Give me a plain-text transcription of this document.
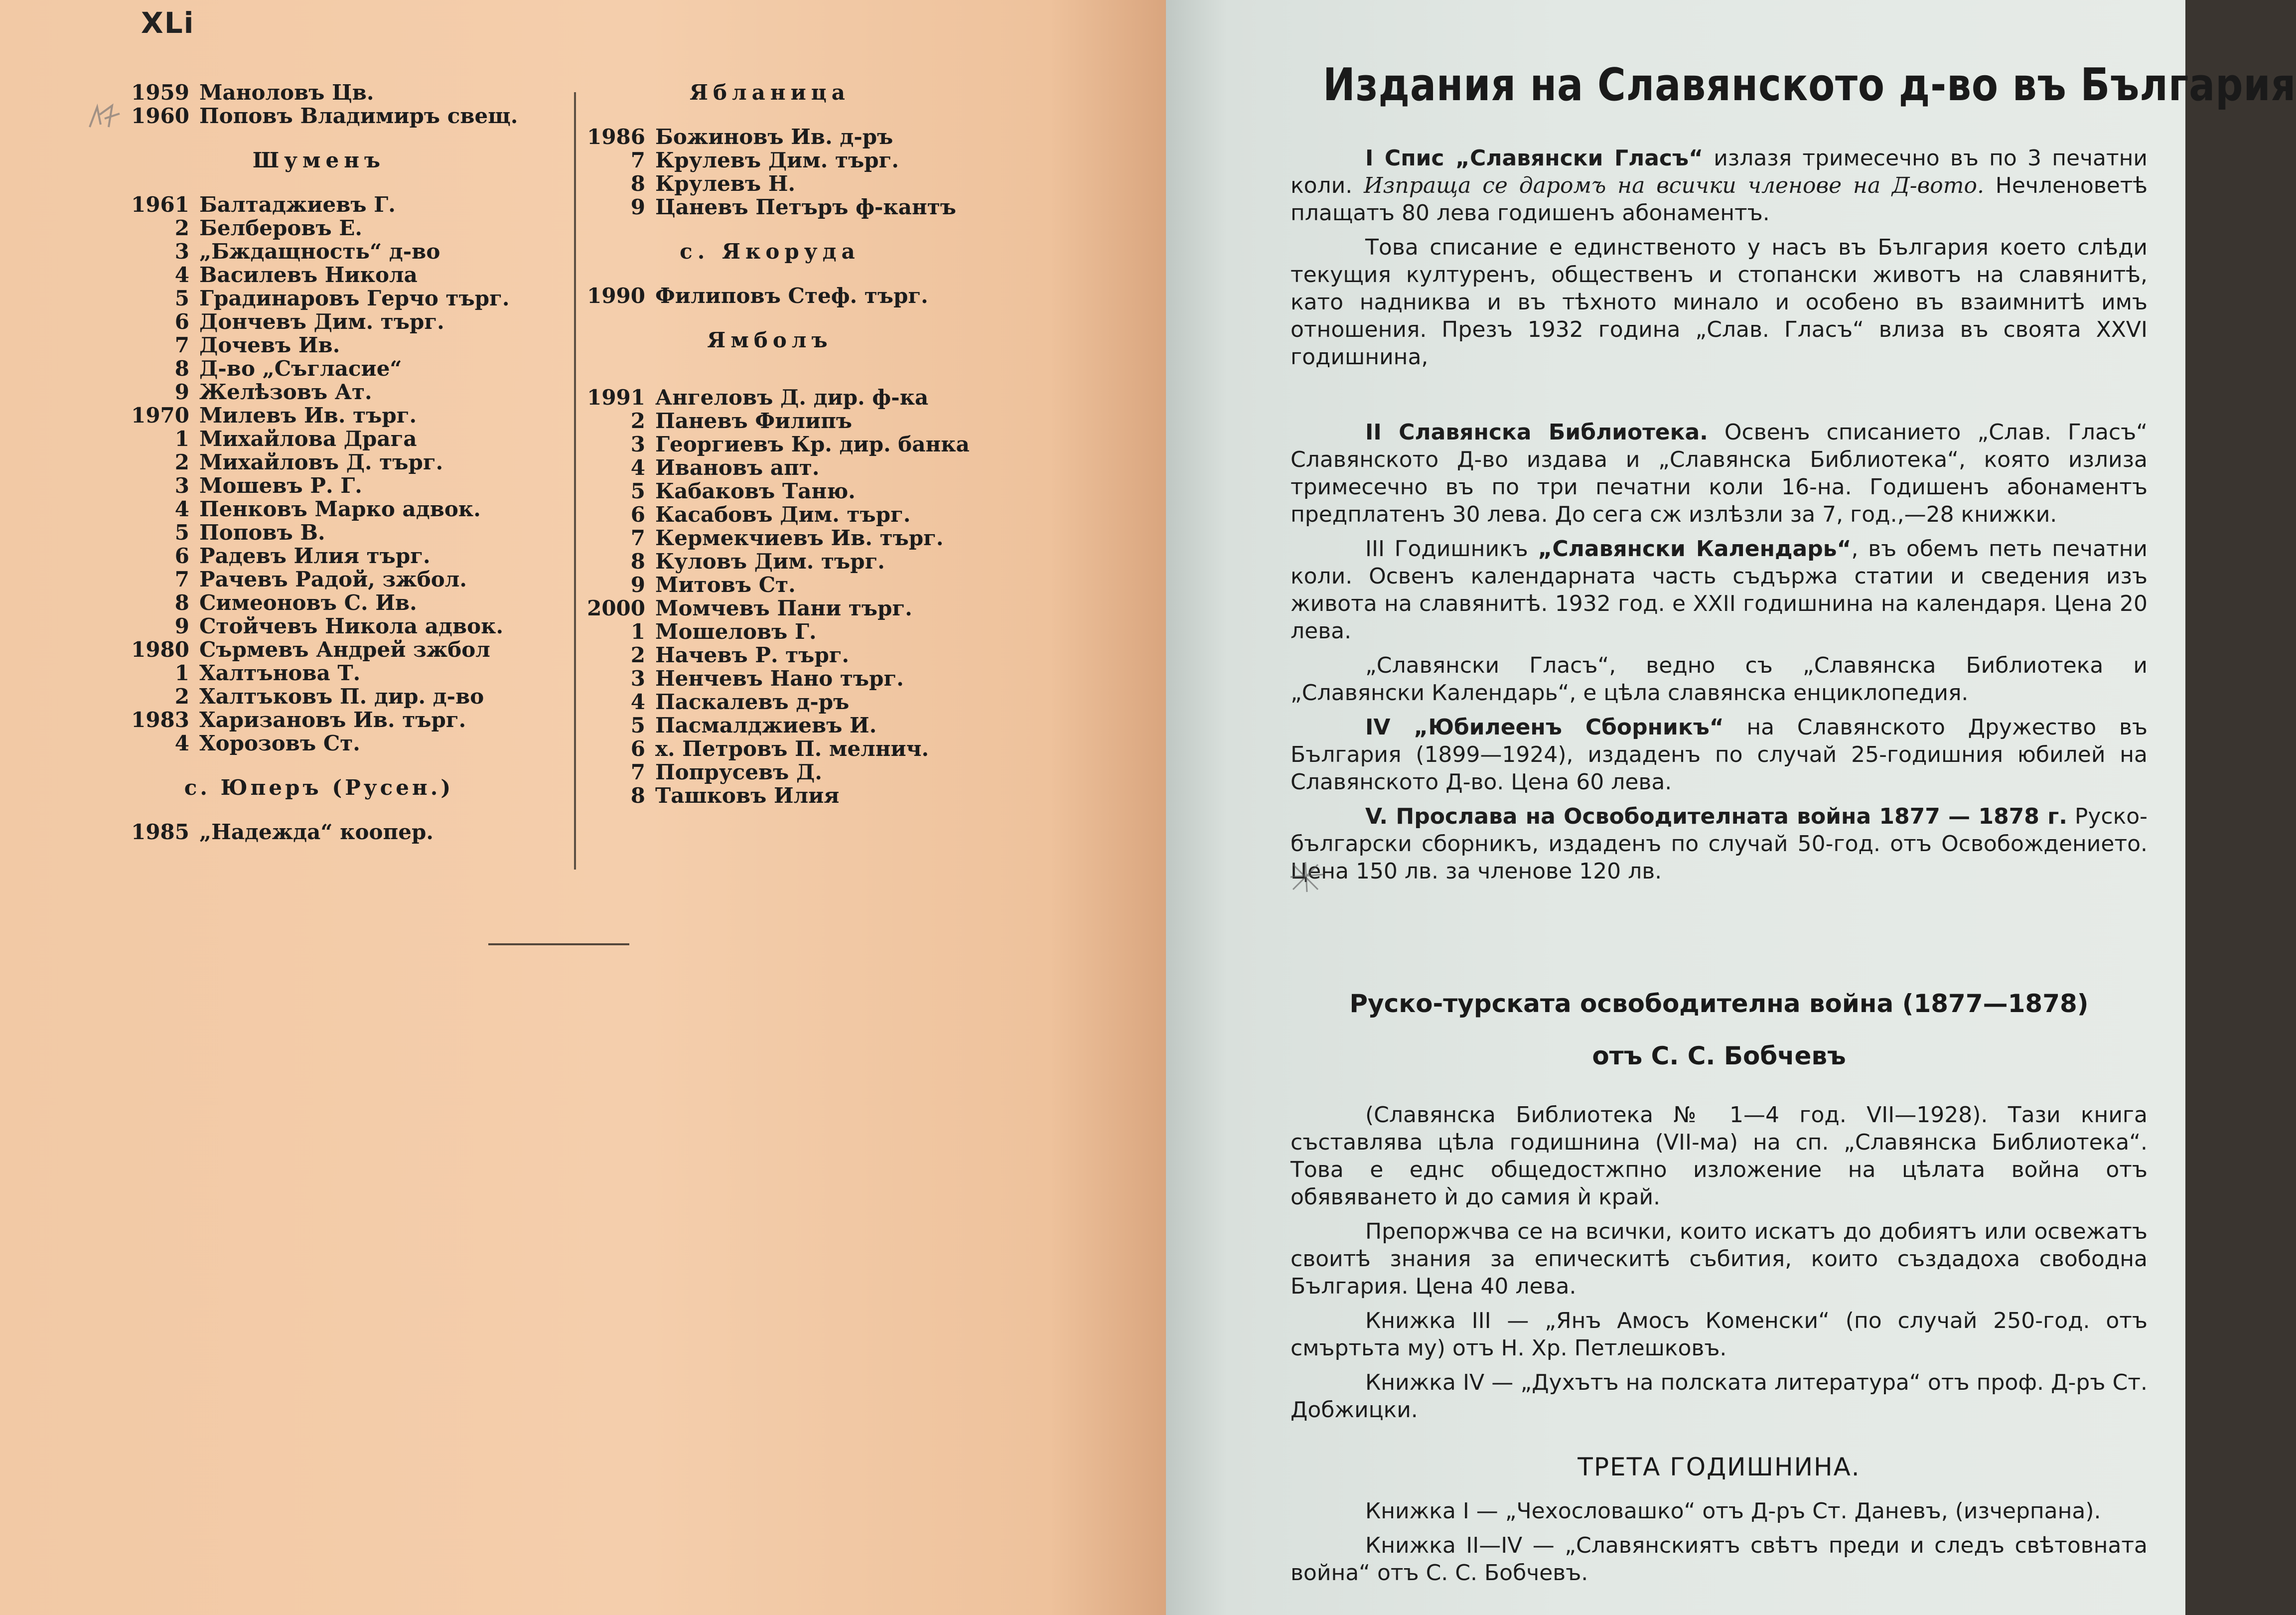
XLі
1959 Маноловъ Цв.
1960 Поповъ Владимиръ свещ.
Шуменъ
1961 Балтаджиевъ Г.
2 Белберовъ Е.
3 „Бждащность“ д-во
4 Василевъ Никола
5 Градинаровъ Герчо търг.
6 Дончевъ Дим. търг.
7 Дочевъ Ив.
8 Д-во „Съгласие“
9 Желѣзовъ Ат.
1970 Милевъ Ив. търг.
1 Михайлова Драга
2 Михайловъ Д. търг.
3 Мошевъ Р. Г.
4 Пенковъ Марко адвок.
5 Поповъ В.
6 Радевъ Илия търг.
7 Рачевъ Радой, зжбол.
8 Симеоновъ С. Ив.
9 Стойчевъ Никола адвок.
1980 Сърмевъ Андрей зжбол
1 Халтънова Т.
2 Халтъковъ П. дир. д-во
1983 Харизановъ Ив. търг.
4 Хорозовъ Ст.
с. Юперъ (Русен.)
1985 „Надежда“ коопер.
Ябланица
1986 Божиновъ Ив. д-ръ
7 Крулевъ Дим. търг.
8 Крулевъ Н.
9 Цаневъ Петъръ ф-кантъ
с. Якоруда
1990 Филиповъ Стеф. търг.
Ямболъ
1991 Ангеловъ Д. дир. ф-ка
2 Паневъ Филипъ
3 Георгиевъ Кр. дир. банка
4 Ивановъ апт.
5 Кабаковъ Таню.
6 Касабовъ Дим. търг.
7 Кермекчиевъ Ив. търг.
8 Куловъ Дим. търг.
9 Митовъ Ст.
2000 Момчевъ Пани търг.
1 Мошеловъ Г.
2 Начевъ Р. търг.
3 Ненчевъ Нано търг.
4 Паскалевъ д-ръ
5 Пасмалджиевъ И.
6 х. Петровъ П. мелнич.
7 Попрусевъ Д.
8 Ташковъ Илия
Издания на Славянското д-во въ България

I Спис „Славянски Гласъ“ излазя тримесечно въ по 3 печатни коли. Изпраща се даромъ на всички членове на Д-вото. Нечленоветѣ плащатъ 80 лева годишенъ абонаментъ.

Това списание е единственото у насъ въ България което слѣди текущия културенъ, общественъ и стопански животъ на славянитѣ, като надниква и въ тѣхното минало и особено въ взаимнитѣ имъ отношения. Презъ 1932 година „Слав. Гласъ“ влиза въ своята XXVI годишнина,

II Славянска Библиотека. Освенъ списанието „Слав. Гласъ“ Славянското Д-во издава и „Славянска Библиотека“, която излиза тримесечно въ по три печатни коли 16-на. Годишенъ абонаментъ предплатенъ 30 лева. До сега сж излѣзли за 7, год.,—28 книжки.

III Годишникъ „Славянски Календарь“, въ обемъ петь печатни коли. Освенъ календарната часть съдържа статии и сведения изъ живота на славянитѣ. 1932 год. е XXII годишнина на календаря. Цена 20 лева.

„Славянски Гласъ“, ведно съ „Славянска Библиотека и „Славянски Календарь“, е цѣла славянска енциклопедия.

IV „Юбилеенъ Сборникъ“ на Славянското Дружество въ България (1899—1924), издаденъ по случай 25-годишния юбилей на Славянското Д-во. Цена 60 лева.

V. Прослава на Освободителната война 1877 — 1878 г. Руско-български сборникъ, издаденъ по случай 50-год. отъ Освобождението. Цена 150 лв. за членове 120 лв.

Руско-турската освободителна война (1877—1878)
отъ С. С. Бобчевъ

(Славянска Библиотека № 1—4 год. VII—1928). Тази книга съставлява цѣла годишнина (VII-ма) на сп. „Славянска Библиотека“. Това е еднс общедостжпно изложение на цѣлата война отъ обявяването ѝ до самия ѝ край.

Препоржчва се на всички, които искатъ до добиятъ или освежатъ своитѣ знания за епическитѣ събития, които създадоха свободна България. Цена 40 лева.

Книжка III — „Янъ Амосъ Коменски“ (по случай 250-год. отъ смъртьта му) отъ Н. Хр. Петлешковъ.

Книжка IV — „Духътъ на полската литература“ отъ проф. Д-ръ Ст. Добжицки.

ТРЕТА ГОДИШНИНА.

Книжка I — „Чехословашко“ отъ Д-ръ Ст. Даневъ, (изчерпана).

Книжка II—IV — „Славянскиятъ свѣтъ преди и следъ свѣтовната война“ отъ С. С. Бобчевъ.
